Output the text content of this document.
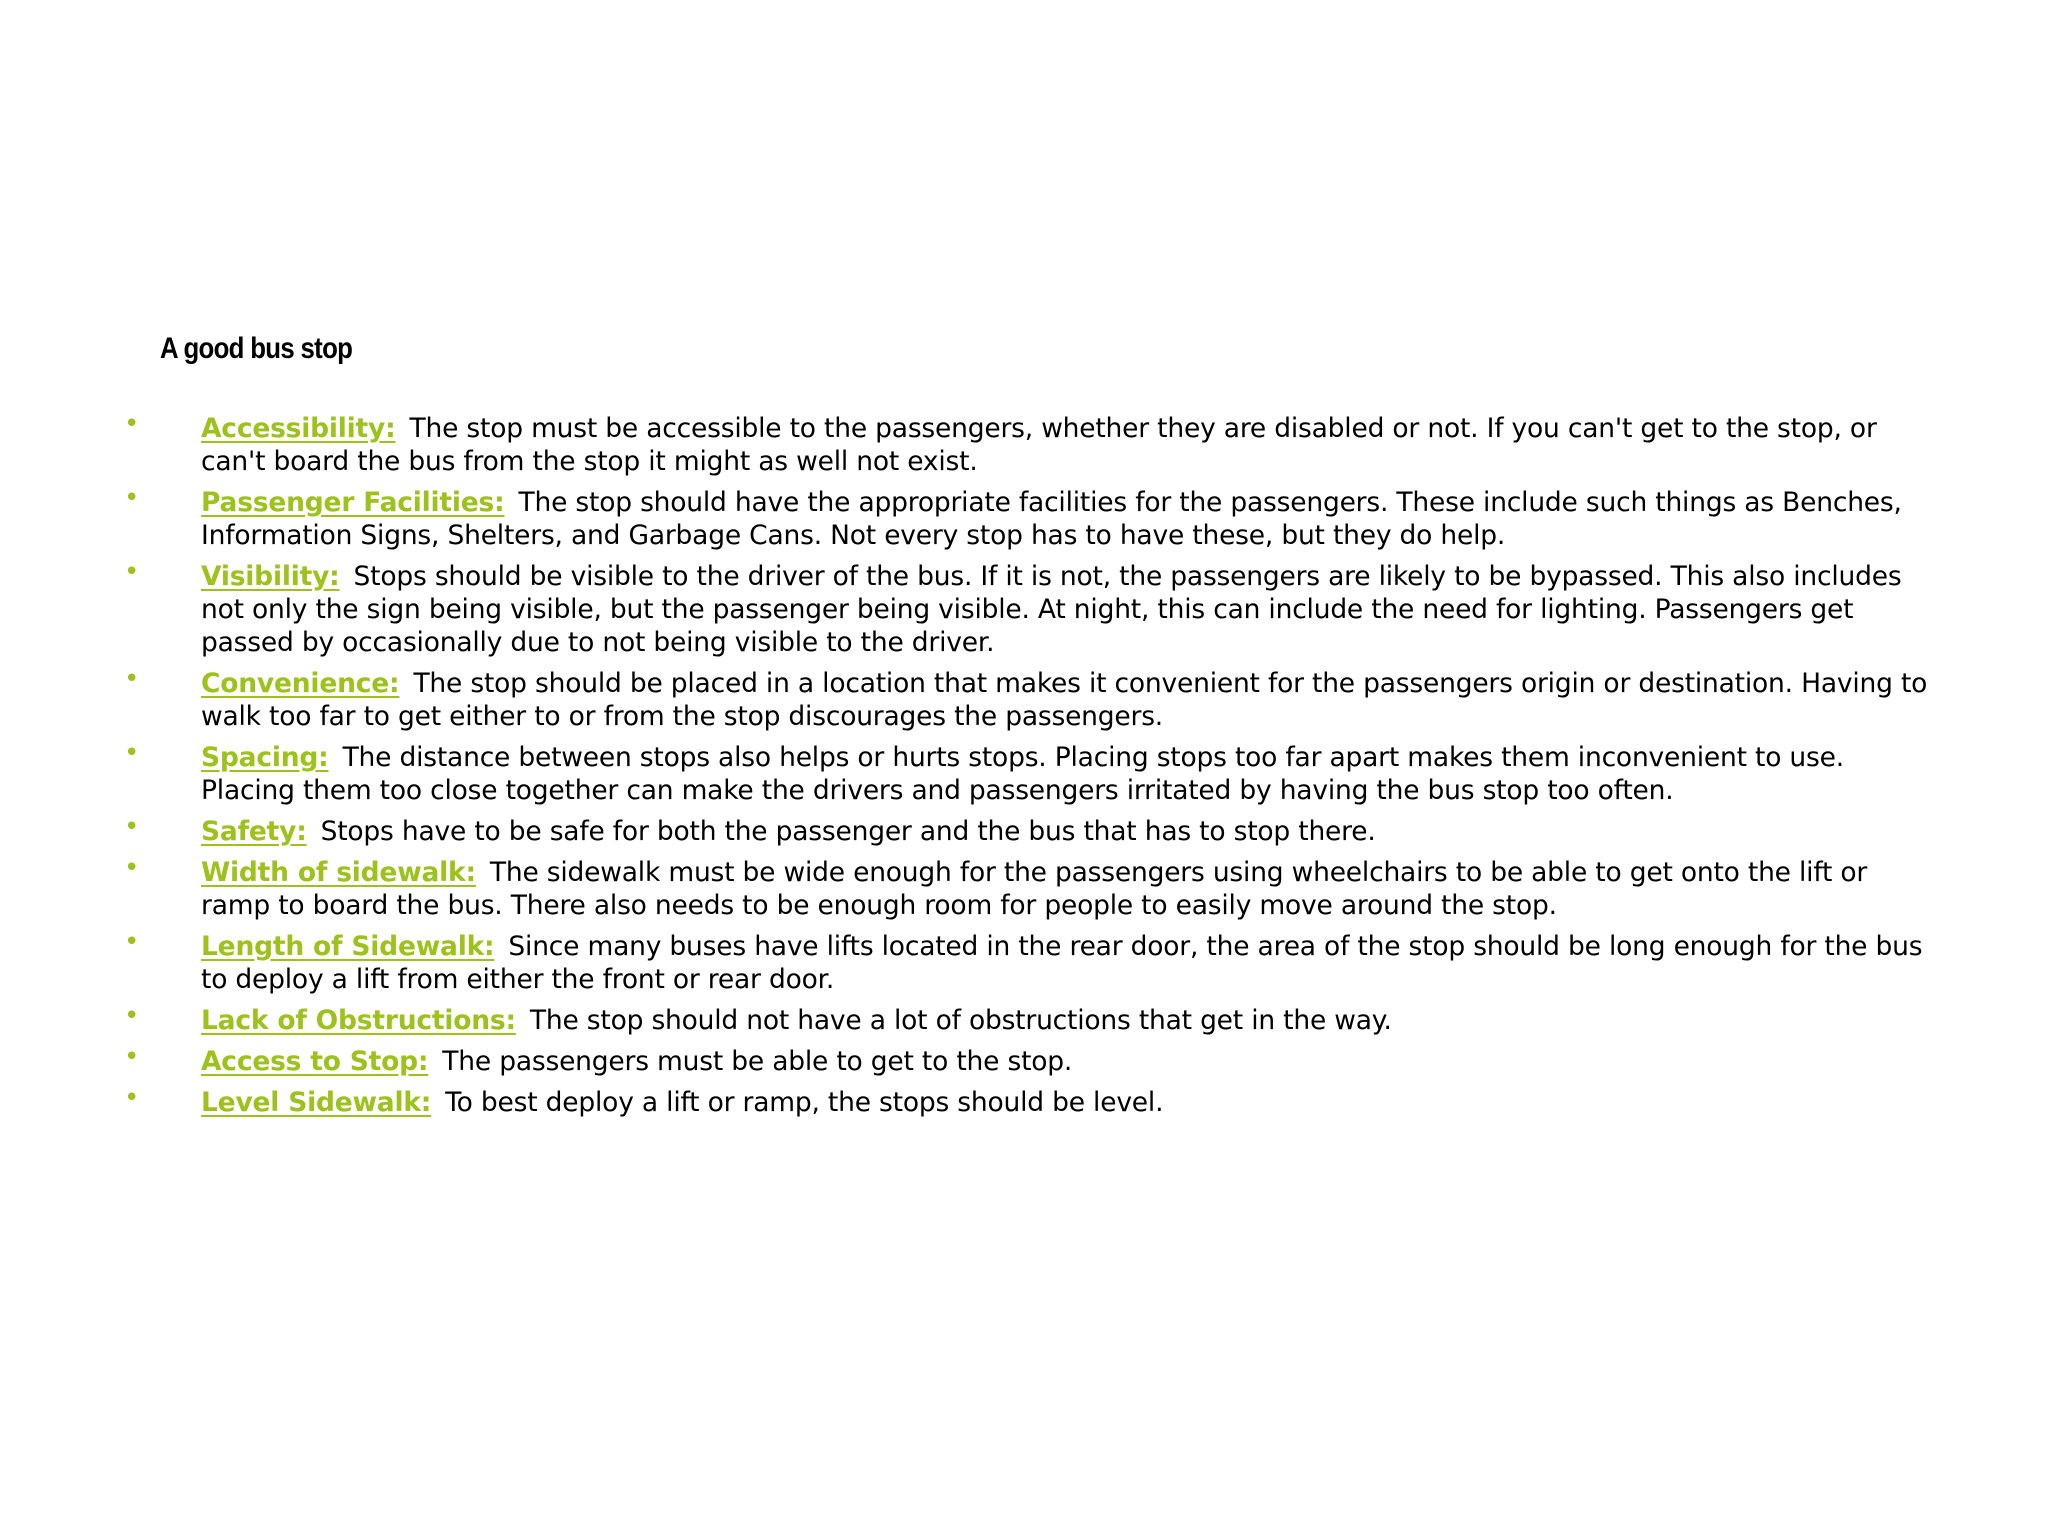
A good bus stop
• Accessibility: The stop must be accessible to the passengers, whether they are disabled or not. If you can't get to the stop, or can't board the bus from the stop it might as well not exist.
• Passenger Facilities: The stop should have the appropriate facilities for the passengers. These include such things as Benches, Information Signs, Shelters, and Garbage Cans. Not every stop has to have these, but they do help.
• Visibility: Stops should be visible to the driver of the bus. If it is not, the passengers are likely to be bypassed. This also includes not only the sign being visible, but the passenger being visible. At night, this can include the need for lighting. Passengers get passed by occasionally due to not being visible to the driver.
• Convenience: The stop should be placed in a location that makes it convenient for the passengers origin or destination. Having to walk too far to get either to or from the stop discourages the passengers.
• Spacing: The distance between stops also helps or hurts stops. Placing stops too far apart makes them inconvenient to use. Placing them too close together can make the drivers and passengers irritated by having the bus stop too often.
• Safety: Stops have to be safe for both the passenger and the bus that has to stop there.
• Width of sidewalk: The sidewalk must be wide enough for the passengers using wheelchairs to be able to get onto the lift or ramp to board the bus. There also needs to be enough room for people to easily move around the stop.
• Length of Sidewalk: Since many buses have lifts located in the rear door, the area of the stop should be long enough for the bus to deploy a lift from either the front or rear door.
• Lack of Obstructions: The stop should not have a lot of obstructions that get in the way.
• Access to Stop: The passengers must be able to get to the stop.
• Level Sidewalk: To best deploy a lift or ramp, the stops should be level.
